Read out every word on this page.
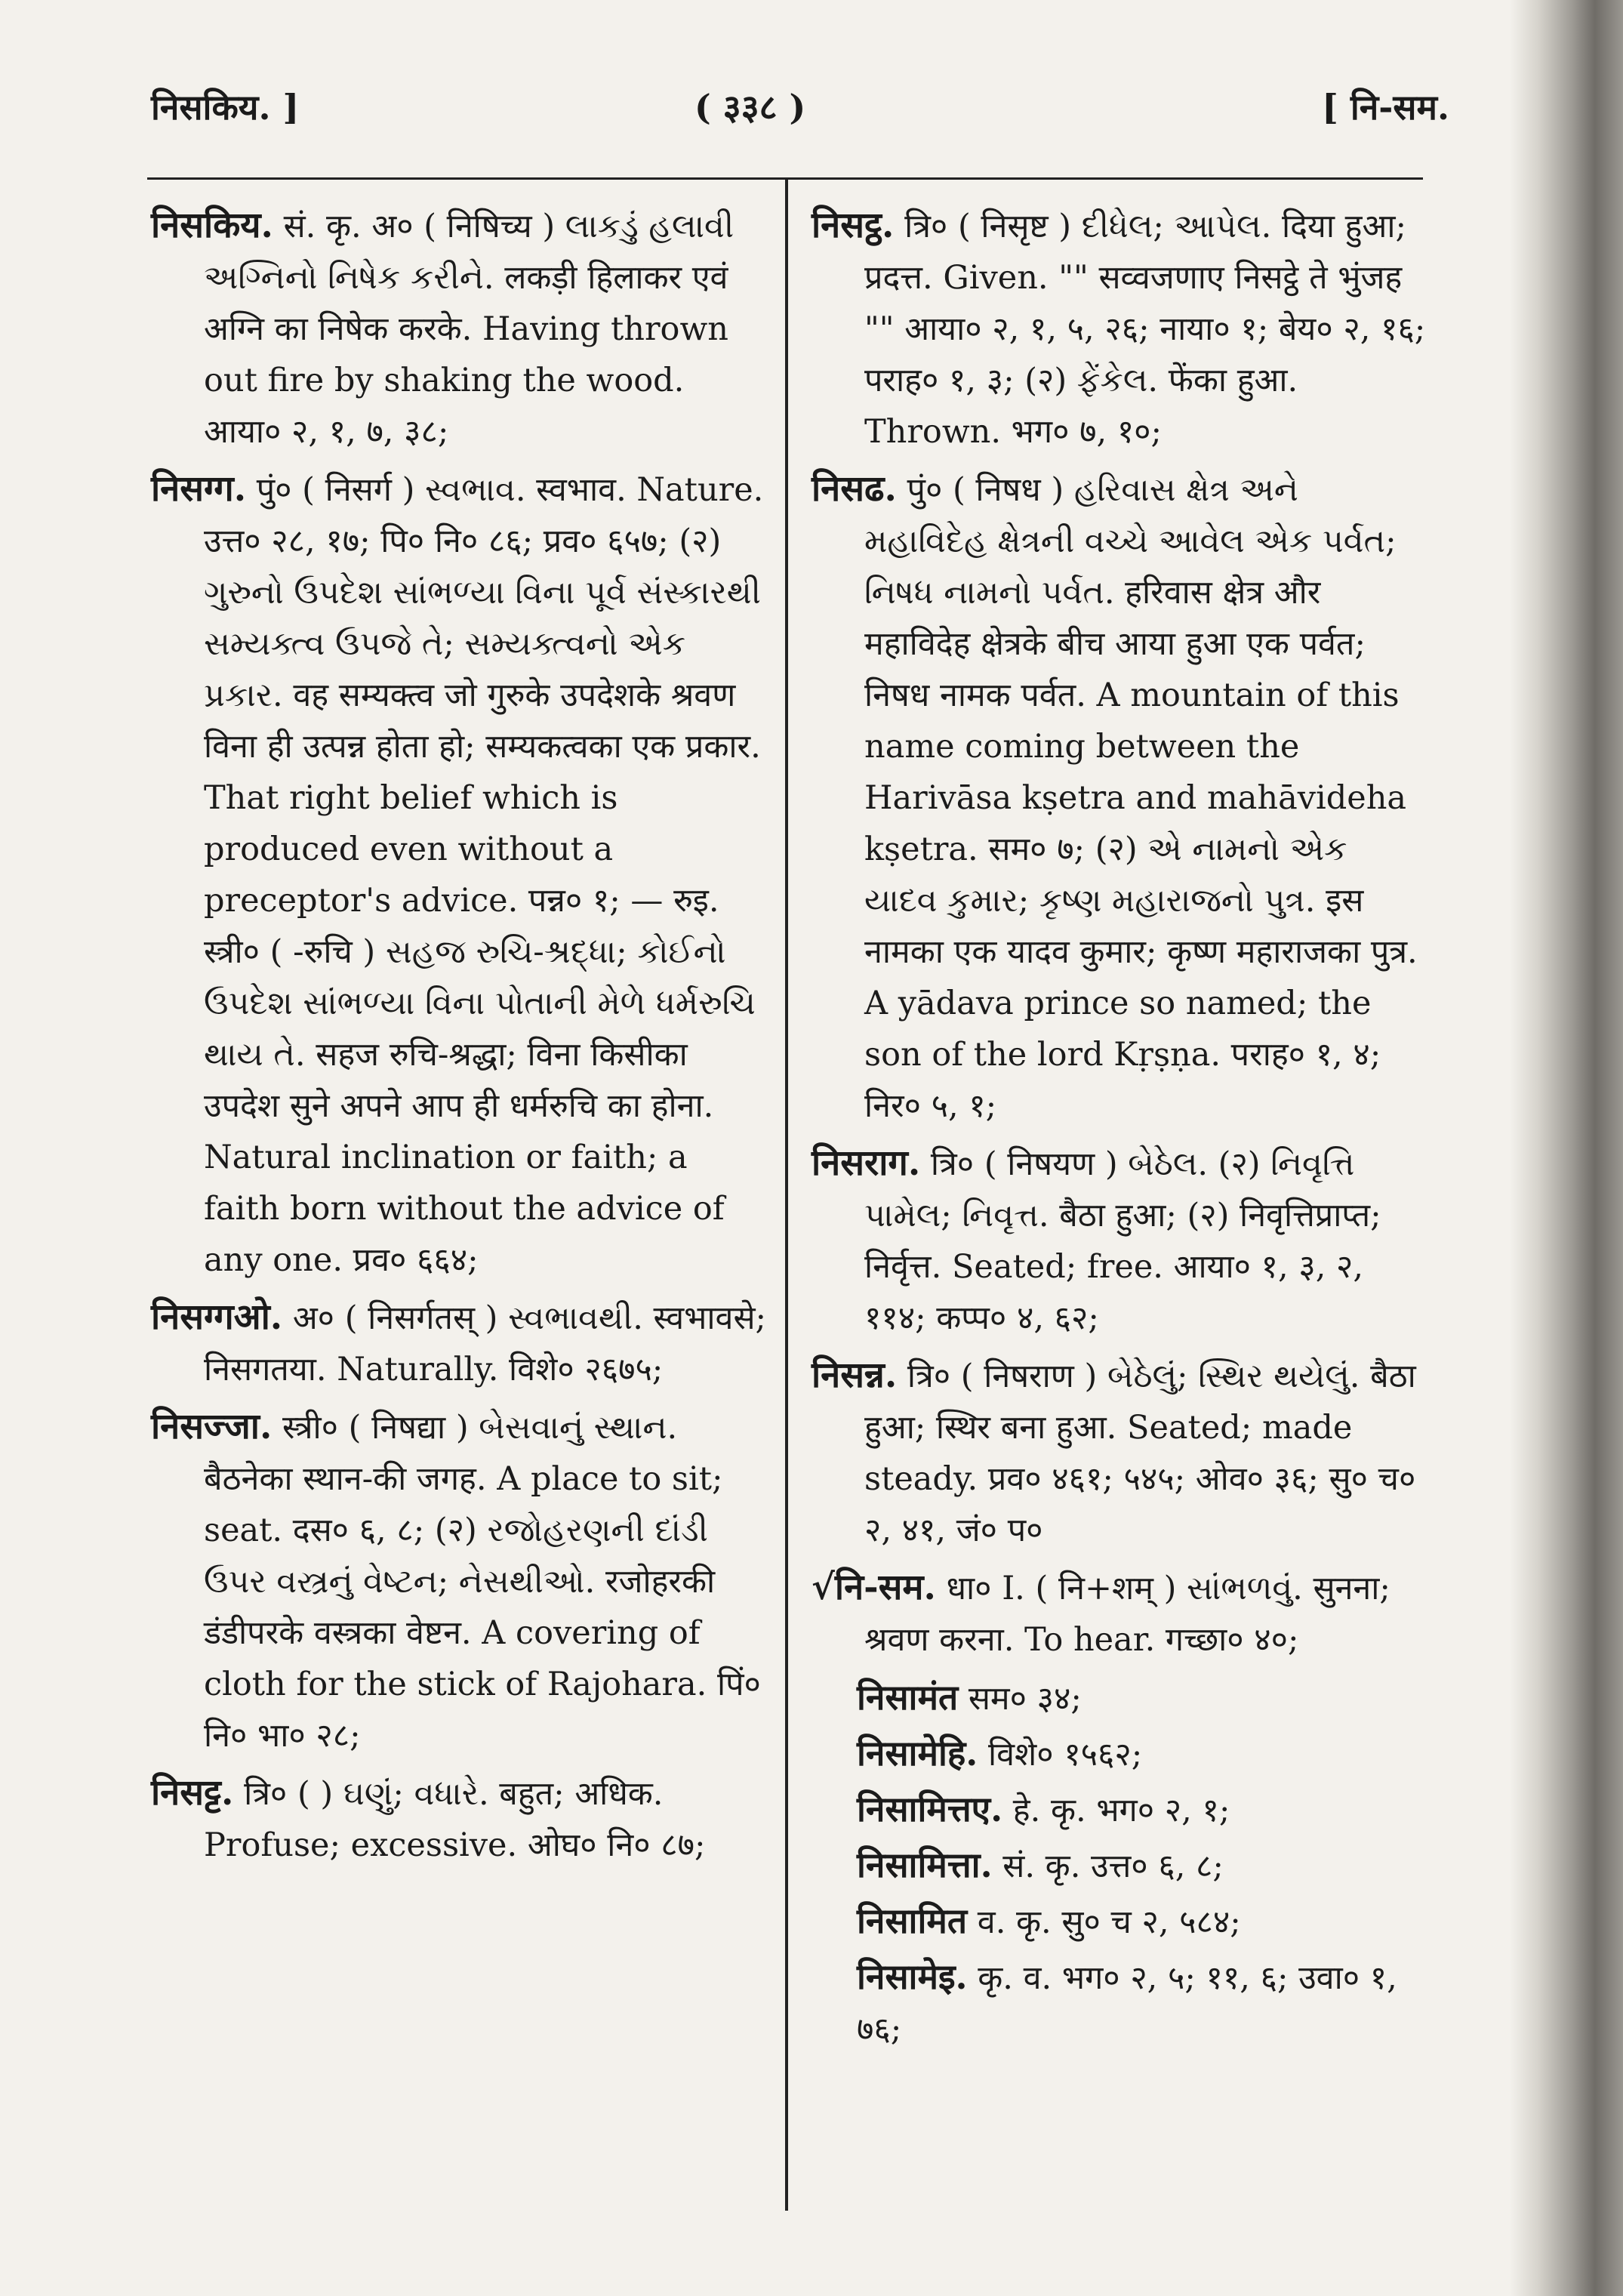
निसकिय. ]	( ३३८ )	[ नि-सम.

निसकिय. सं. कृ. अ० ( निषिच्य ) લાકડું હલાવી અગ્નિનો નિષેક કરીને. लकड़ी हिलाकर एवं अग्नि का निषेक करके. Having thrown out fire by shaking the wood. आया० २, १, ७, ३८;

निसग्ग. पुं० ( निसर्ग ) સ્વભાવ. स्वभाव. Nature. उत्त० २८, १७; पि० नि० ८६; प्रव० ६५७; (२) ગુરુનો ઉપદેશ સાંભળ્યા વિના પૂર્વ સંસ્કારથી સમ્યક્ત્વ ઉપજે તે; સમ્યક્ત્વનો એક પ્રકાર. वह सम्यक्त्व जो गुरुके उपदेशके श्रवण विना ही उत्पन्न होता हो; सम्यकत्वका एक प्रकार. That right belief which is produced even without a preceptor's advice. पन्न० १; — रुइ. स्त्री० ( -रुचि ) સહજ રુચિ-શ્રદ્ધા; કોઈનો ઉપદેશ સાંભળ્યા વિના પોતાની મેળે ધર્મરુચિ થાય તે. सहज रुचि-श्रद्धा; विना किसीका उपदेश सुने अपने आप ही धर्मरुचि का होना. Natural inclination or faith; a faith born without the advice of any one. प्रव० ६६४;

निसग्गओ. अ० ( निसर्गतस् ) સ્વભાવથી. स्वभावसे; निसगतया. Naturally. विशे० २६७५;

निसज्जा. स्त्री० ( निषद्या ) બેસવાનું સ્થાન. बैठनेका स्थान-की जगह. A place to sit; seat. दस० ६, ८; (२) રજોહરણની દાંડી ઉપર વસ્ત્રનું વેષ્ટન; નેસથીઓ. रजोहरकी डंडीपरके वस्त्रका वेष्टन. A covering of cloth for the stick of Rajohara. पिं० नि० भा० २८;

निसट्ट. त्रि० ( ) ઘણું; વધારે. बहुत; अधिक. Profuse; excessive. ओघ० नि० ८७;

निसट्ठ. त्रि० ( निसृष्ट ) દીધેલ; આપેલ. दिया हुआ; प्रदत्त. Given. "" सव्वजणाए निसट्ठे ते भुंजह "" आया० २, १, ५, २६; नाया० १; बेय० २, १६; पराह० १, ३; (२) ફેંકેલ. फेंका हुआ. Thrown. भग० ७, १०;

निसढ. पुं० ( निषध ) હરિવાસ ક્ષેત્ર અને મહાવિદેહ ક્ષેત્રની વચ્ચે આવેલ એક પર્વત; નિષધ નામનો પર્વત. हरिवास क्षेत्र और महाविदेह क्षेत्रके बीच आया हुआ एक पर्वत; निषध नामक पर्वत. A mountain of this name coming between the Harivāsa kṣetra and mahāvideha kṣetra. सम० ७; (२) એ નામનો એક યાદવ કુમાર; કૃષ્ણ મહારાજનો પુત્ર. इस नामका एक यादव कुमार; कृष्ण महाराजका पुत्र. A yādava prince so named; the son of the lord Kṛṣṇa. पराह० १, ४; निर० ५, १;

निसराग. त्रि० ( निषयण ) બેઠેલ. (२) નિવૃત્તિ પામેલ; નિવૃત્ત. बैठा हुआ; (२) निवृत्तिप्राप्त; निर्वृत्त. Seated; free. आया० १, ३, २, ११४; कप्प० ४, ६२;

निसन्न. त्रि० ( निषराण ) બેઠેલું; સ્થિર થયેલું. बैठा हुआ; स्थिर बना हुआ. Seated; made steady. प्रव० ४६१; ५४५; ओव० ३६; सु० च० २, ४१, जं० प०

√नि-सम. धा० I. ( नि+शम् ) સાંભળવું. सुनना; श्रवण करना. To hear. गच्छा० ४०;

निसामंत सम० ३४;

निसामेहि. विशे० १५६२;

निसामित्तए. हे. कृ. भग० २, १;

निसामित्ता. सं. कृ. उत्त० ६, ८;

निसामित व. कृ. सु० च २, ५८४;

निसामेइ. कृ. व. भग० २, ५; ११, ६; उवा० १, ७६;
